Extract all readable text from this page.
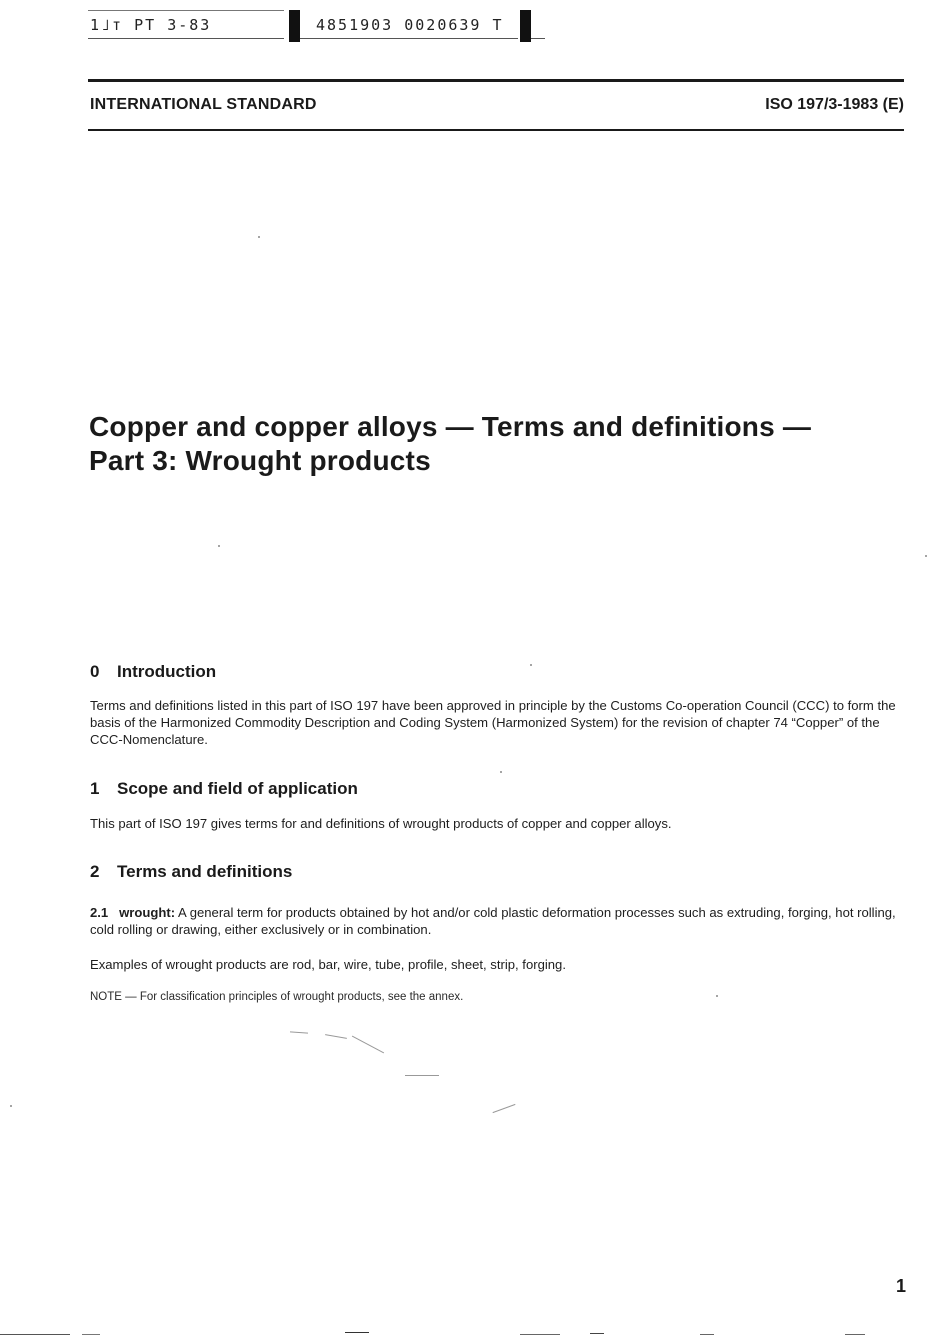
1˩т PT 3-83	4851903 0020639 T
INTERNATIONAL STANDARD	ISO 197/3-1983 (E)
Copper and copper alloys — Terms and definitions —
Part 3: Wrought products
0 Introduction
Terms and definitions listed in this part of ISO 197 have been approved in principle by the Customs Co-operation Council (CCC) to form the basis of the Harmonized Commodity Description and Coding System (Harmonized System) for the revision of chapter 74 “Copper” of the CCC-Nomenclature.
1 Scope and field of application
This part of ISO 197 gives terms for and definitions of wrought products of copper and copper alloys.
2 Terms and definitions
2.1 wrought: A general term for products obtained by hot and/or cold plastic deformation processes such as extruding, forging, hot rolling, cold rolling or drawing, either exclusively or in combination.
Examples of wrought products are rod, bar, wire, tube, profile, sheet, strip, forging.
NOTE — For classification principles of wrought products, see the annex.
1
